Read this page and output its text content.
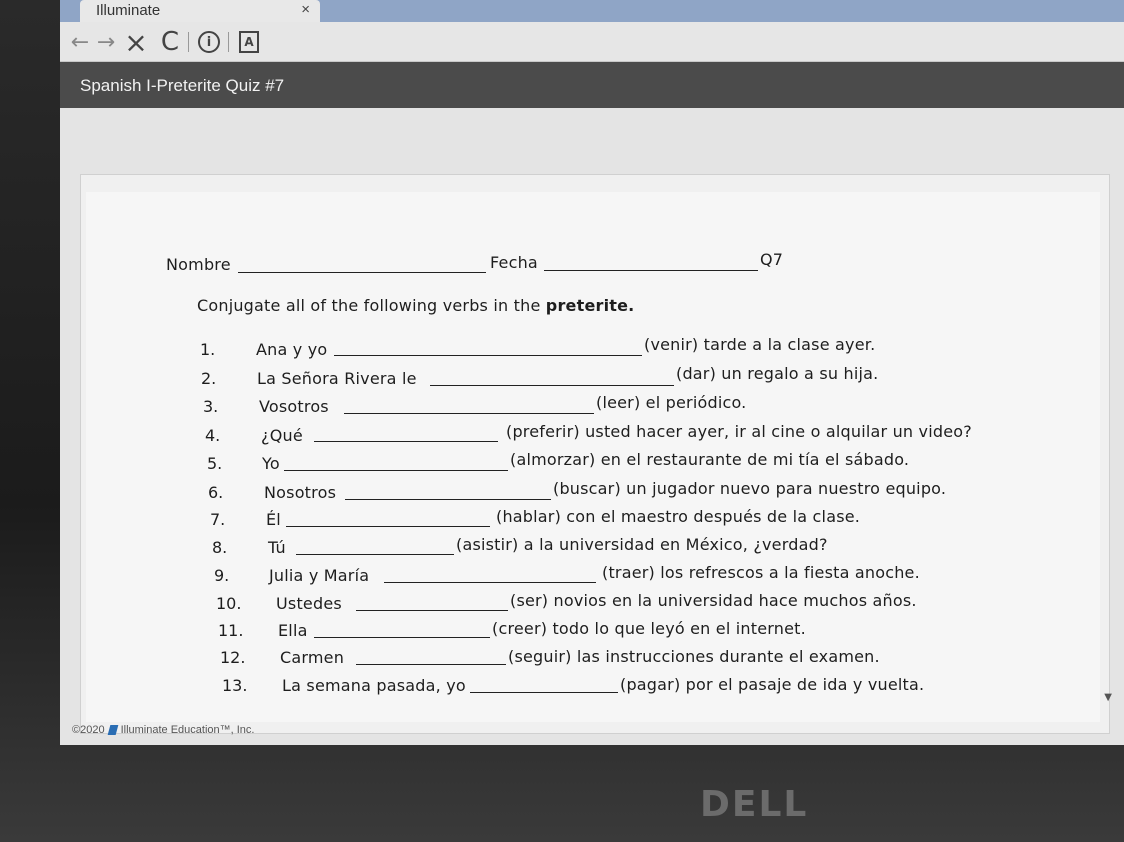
Illuminate	×
← → × C	i	A
Spanish I-Preterite Quiz #7
▼
Nombre	Fecha	Q7
Conjugate all of the following verbs in the preterite.
1.	Ana y yo	(venir) tarde a la clase ayer.
2.	La Señora Rivera le	(dar) un regalo a su hija.
3.	Vosotros	(leer) el periódico.
4.	¿Qué	(preferir) usted hacer ayer, ir al cine o alquilar un video?
5. Yo	(almorzar) en el restaurante de mi tía el sábado.
6.	Nosotros	(buscar) un jugador nuevo para nuestro equipo.
7.	Él	(hablar) con el maestro después de la clase.
8.	Tú	(asistir) a la universidad en México, ¿verdad?
9. Julia y María	(traer) los refrescos a la fiesta anoche.
10. Ustedes	(ser) novios en la universidad hace muchos años.
11. Ella	(creer) todo lo que leyó en el internet.
12. Carmen	(seguir) las instrucciones durante el examen.
13. La semana pasada, yo	(pagar) por el pasaje de ida y vuelta.
©2020 Illuminate Education™, Inc.
DELL
